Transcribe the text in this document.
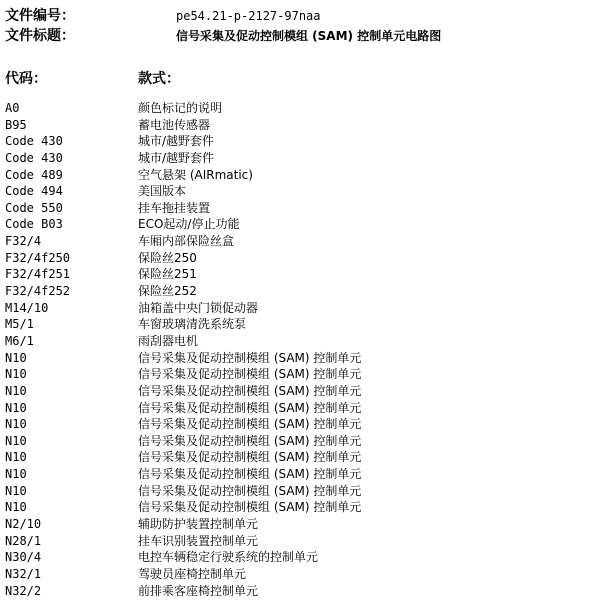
文件编号：	pe54.21-p-2127-97naa
文件标题：	信号采集及促动控制模组 (SAM) 控制单元电路图
代码：	款式：
A0	颜色标记的说明
B95	蓄电池传感器
Code 430	城市/越野套件
Code 430	城市/越野套件
Code 489	空气悬架 (AIRmatic)
Code 494	美国版本
Code 550	挂车拖挂装置
Code B03	ECO起动/停止功能
F32/4	车厢内部保险丝盒
F32/4f250	保险丝250
F32/4f251	保险丝251
F32/4f252	保险丝252
M14/10	油箱盖中央门锁促动器
M5/1	车窗玻璃清洗系统泵
M6/1	雨刮器电机
N10	信号采集及促动控制模组 (SAM) 控制单元
N10	信号采集及促动控制模组 (SAM) 控制单元
N10	信号采集及促动控制模组 (SAM) 控制单元
N10	信号采集及促动控制模组 (SAM) 控制单元
N10	信号采集及促动控制模组 (SAM) 控制单元
N10	信号采集及促动控制模组 (SAM) 控制单元
N10	信号采集及促动控制模组 (SAM) 控制单元
N10	信号采集及促动控制模组 (SAM) 控制单元
N10	信号采集及促动控制模组 (SAM) 控制单元
N10	信号采集及促动控制模组 (SAM) 控制单元
N2/10	辅助防护装置控制单元
N28/1	挂车识别装置控制单元
N30/4	电控车辆稳定行驶系统的控制单元
N32/1	驾驶员座椅控制单元
N32/2	前排乘客座椅控制单元
